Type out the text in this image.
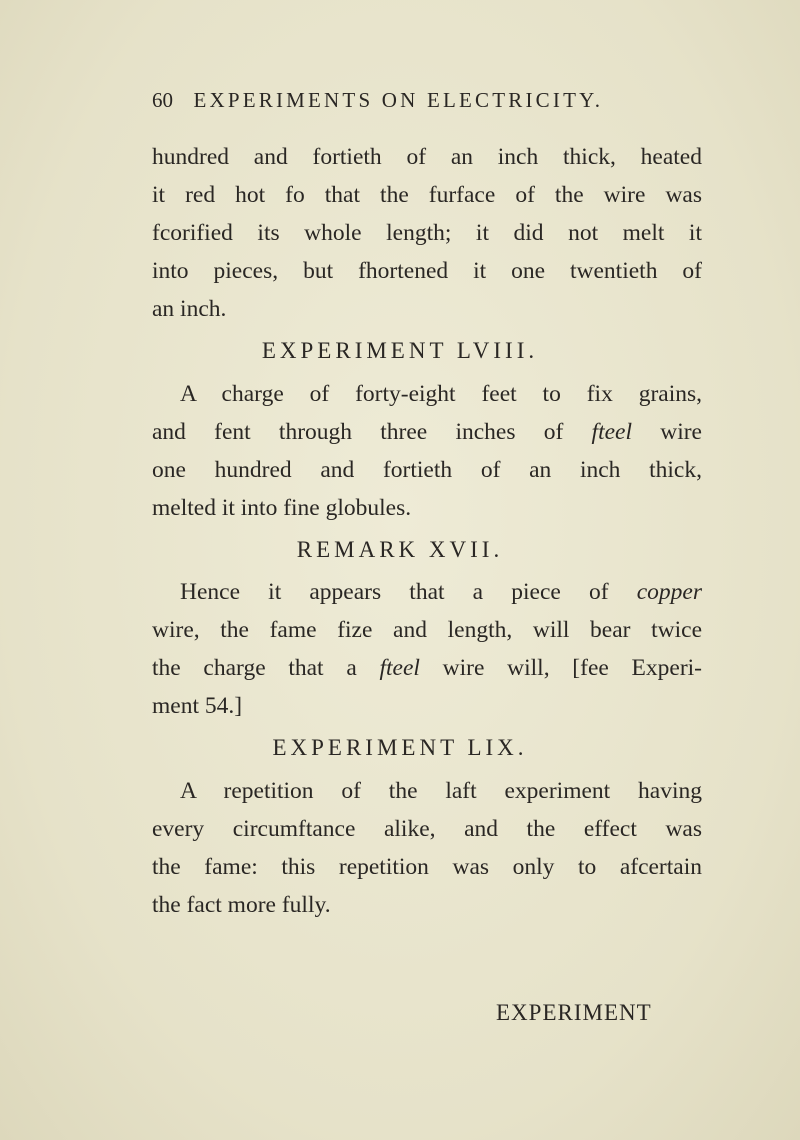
60 EXPERIMENTS ON ELECTRICITY.
hundred and fortieth of an inch thick, heated
it red hot fo that the furface of the wire was
fcorified its whole length; it did not melt it
into pieces, but fhortened it one twentieth of
an inch.
EXPERIMENT LVIII.
A charge of forty-eight feet to fix grains,
and fent through three inches of fteel wire
one hundred and fortieth of an inch thick,
melted it into fine globules.
REMARK XVII.
Hence it appears that a piece of copper
wire, the fame fize and length, will bear twice
the charge that a fteel wire will, [fee Experi-
ment 54.]
EXPERIMENT LIX.
A repetition of the laft experiment having
every circumftance alike, and the effect was
the fame: this repetition was only to afcertain
the fact more fully.
EXPERIMENT
